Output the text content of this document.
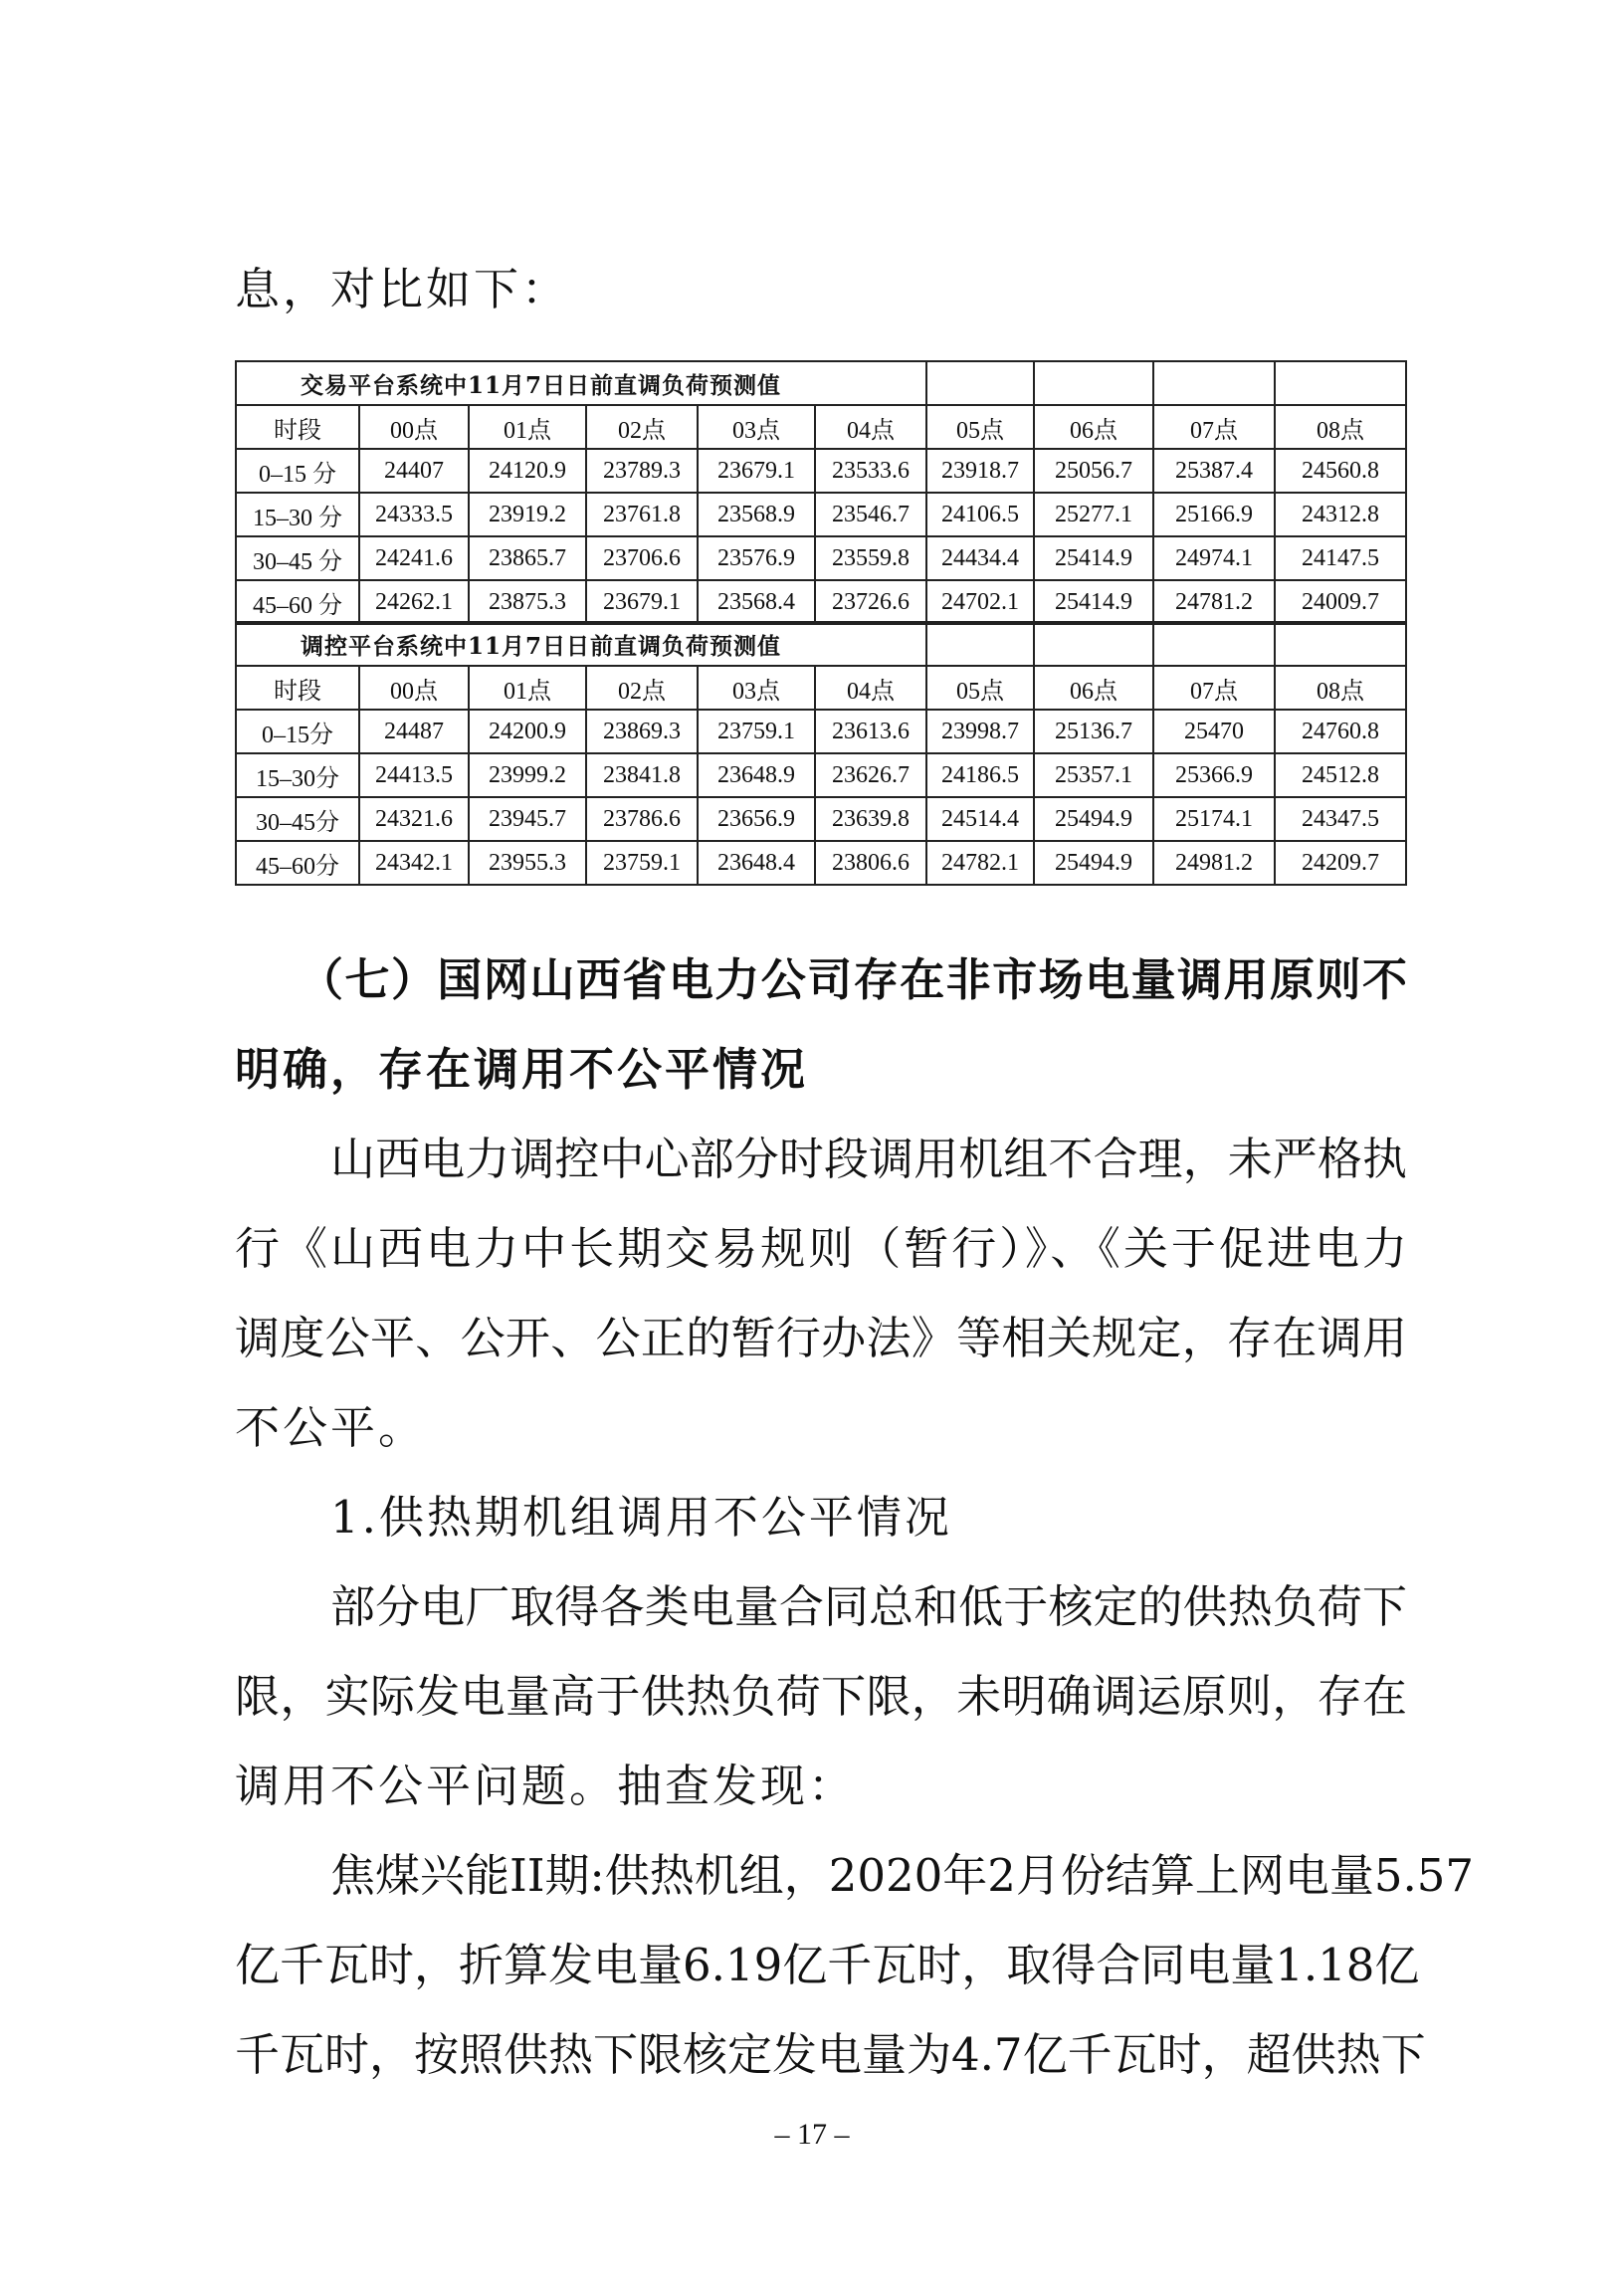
息，对比如下：
交易平台系统中11月7日日前直调负荷预测值									
时段	00点	01点	02点	03点	04点	05点	06点	07点	08点
0–15 分	24407	24120.9	23789.3	23679.1	23533.6	23918.7	25056.7	25387.4	24560.8
15–30 分	24333.5	23919.2	23761.8	23568.9	23546.7	24106.5	25277.1	25166.9	24312.8
30–45 分	24241.6	23865.7	23706.6	23576.9	23559.8	24434.4	25414.9	24974.1	24147.5
45–60 分	24262.1	23875.3	23679.1	23568.4	23726.6	24702.1	25414.9	24781.2	24009.7
调控平台系统中11月7日日前直调负荷预测值									
时段	00点	01点	02点	03点	04点	05点	06点	07点	08点
0–15分	24487	24200.9	23869.3	23759.1	23613.6	23998.7	25136.7	25470	24760.8
15–30分	24413.5	23999.2	23841.8	23648.9	23626.7	24186.5	25357.1	25366.9	24512.8
30–45分	24321.6	23945.7	23786.6	23656.9	23639.8	24514.4	25494.9	25174.1	24347.5
45–60分	24342.1	23955.3	23759.1	23648.4	23806.6	24782.1	25494.9	24981.2	24209.7
（七）国网山西省电力公司存在非市场电量调用原则不
明确，存在调用不公平情况
山西电力调控中心部分时段调用机组不合理，未严格执
行《山西电力中长期交易规则（暂行）》、《关于促进电力
调度公平、公开、公正的暂行办法》等相关规定，存在调用
不公平。
1.供热期机组调用不公平情况
部分电厂取得各类电量合同总和低于核定的供热负荷下
限，实际发电量高于供热负荷下限，未明确调运原则，存在
调用不公平问题。抽查发现：
焦煤兴能II期:供热机组，2020年2月份结算上网电量5.57
亿千瓦时，折算发电量6.19亿千瓦时，取得合同电量1.18亿
千瓦时，按照供热下限核定发电量为4.7亿千瓦时，超供热下
– 17 –
